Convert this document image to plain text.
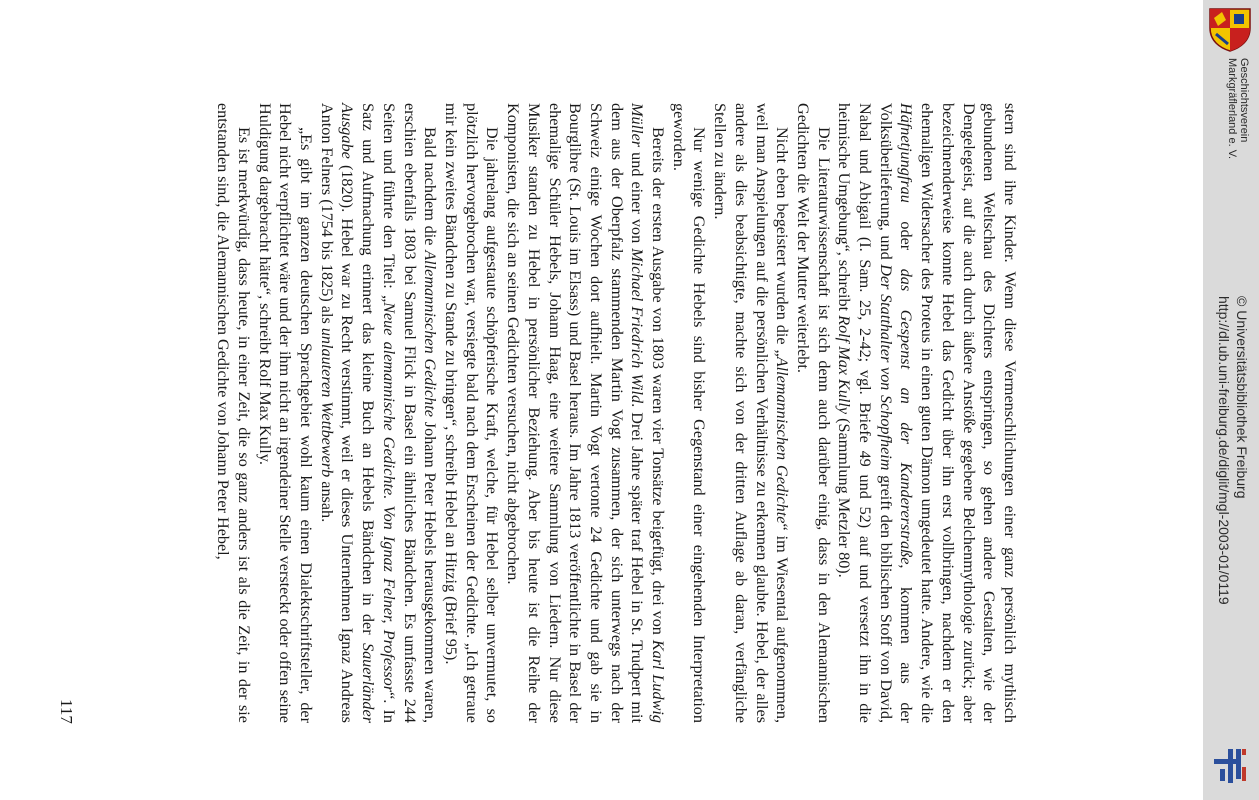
stern sind ihre Kinder. Wenn diese Vermenschlichungen einer ganz persönlich mythisch gebundenen Weltschau des Dichters entspringen, so gehen andere Gestalten, wie der Dengelegeist, auf die auch durch äußere Anstöße gegebene Belchenmythologie zurück; aber bezeichnenderweise konnte Hebel das Gedicht über ihn erst vollbringen, nachdem er den ehemaligen Widersacher des Proteus in einen guten Dämon umgedeutet hatte. Andere, wie die Häfnetjungfrau oder das Gespenst an der Kandererstraße, kommen aus der Volksüberlieferung, und Der Statthalter von Schopfheim greift den biblischen Stoff von David, Nabal und Abigail (I. Sam. 25, 2-42; vgl. Briefe 49 und 52) auf und versetzt ihn in die heimische Umgebung“, schreibt Rolf Max Kully (Sammlung Metzler 80).

Die Literaturwissenschaft ist sich denn auch darüber einig, dass in den Alemannischen Gedichten die Welt der Mutter weiterlebt.

Nicht eben begeistert wurden die „Allemannischen Gedichte“ im Wiesental aufgenommen, weil man Anspielungen auf die persönlichen Verhältnisse zu erkennen glaubte. Hebel, der alles andere als dies beabsichtigte, machte sich von der dritten Auflage ab daran, verfängliche Stellen zu ändern.

Nur wenige Gedichte Hebels sind bisher Gegenstand einer eingehenden Interpretation geworden.

Bereits der ersten Ausgabe von 1803 waren vier Tonsätze beigefügt, drei von Karl Ludwig Müller und einer von Michael Friedrich Wild. Drei Jahre später traf Hebel in St. Trudpert mit dem aus der Oberpfalz stammenden Martin Vogt zusammen, der sich unterwegs nach der Schweiz einige Wochen dort aufhielt. Martin Vogt vertonte 24 Gedichte und gab sie in Bourglibre (St. Louis im Elsass) und Basel heraus. Im Jahre 1813 veröffentlichte in Basel der ehemalige Schüler Hebels, Johann Haag, eine weitere Sammlung von Liedern. Nur diese Musiker standen zu Hebel in persönlicher Beziehung. Aber bis heute ist die Reihe der Komponisten, die sich an seinen Gedichten versuchen, nicht abgebrochen.

Die jahrelang aufgestaute schöpferische Kraft, welche, für Hebel selber unvermutet, so plötzlich hervorgebrochen war, versiegte bald nach dem Erscheinen der Gedichte. „Ich getraue mir kein zweites Bändchen zu Stande zu bringen“, schreibt Hebel an Hitzig (Brief 95).

Bald nachdem die Allemannischen Gedichte Johann Peter Hebels herausgekommen waren, erschien ebenfalls 1803 bei Samuel Flick in Basel ein ähnliches Bändchen. Es umfasste 244 Seiten und führte den Titel: „Neue alemannische Gedichte. Von Ignaz Felner, Professor“. In Satz und Aufmachung erinnert das kleine Buch an Hebels Bändchen in der Sauerländer Ausgabe (1820). Hebel war zu Recht verstimmt, weil er dieses Unternehmen Ignaz Andreas Anton Felners (1754 bis 1825) als unlauteren Wettbewerb ansah.

„Es gibt im ganzen deutschen Sprachgebiet wohl kaum einen Dialektschriftsteller, der Hebel nicht verpflichtet wäre und der ihm nicht an irgendeiner Stelle versteckt oder offen seine Huldigung dargebracht hätte“, schreibt Rolf Max Kully.

Es ist merkwürdig, dass heute, in einer Zeit, die so ganz anders ist als die Zeit, in der sie entstanden sind, die Alemannischen Gedichte von Johann Peter Hebel,

117
Geschichtsverein
Markgräflerland e. V.
http://dl.ub.uni-freiburg.de/diglit/mgl-2003-01/0119 © Universitätsbibliothek Freiburg
